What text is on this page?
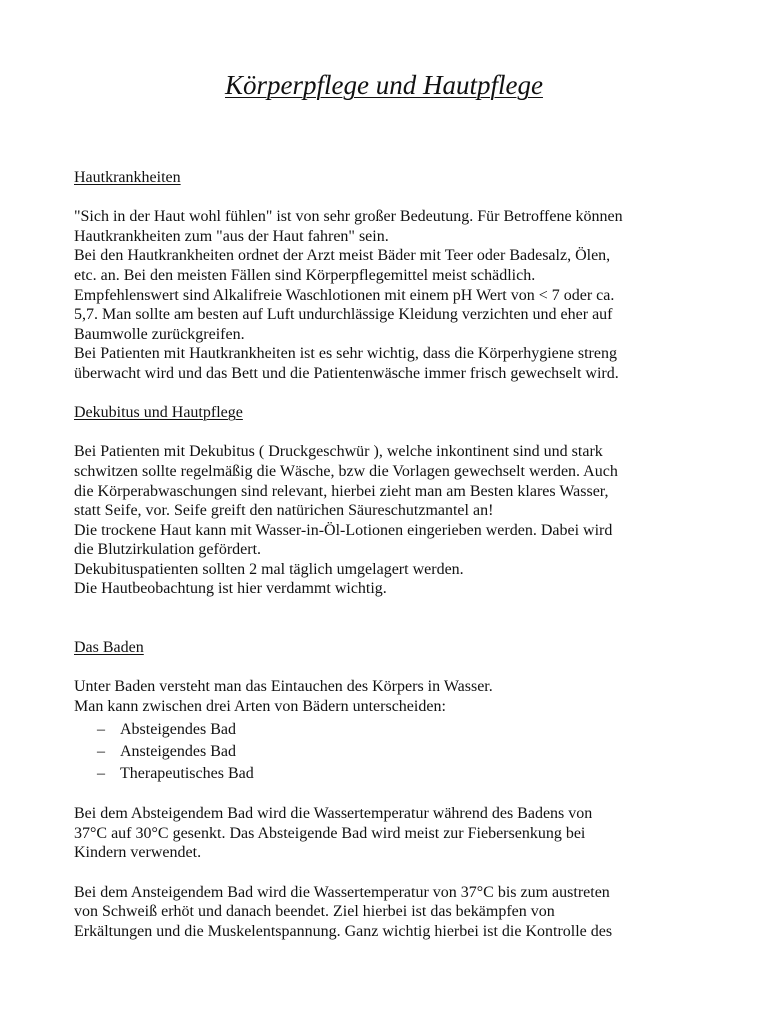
Körperpflege und Hautpflege
Hautkrankheiten
"Sich in der Haut wohl fühlen" ist von sehr großer Bedeutung. Für Betroffene können
Hautkrankheiten zum "aus der Haut fahren" sein.
Bei den Hautkrankheiten ordnet der Arzt meist Bäder mit Teer oder Badesalz, Ölen,
etc. an. Bei den meisten Fällen sind Körperpflegemittel meist schädlich.
Empfehlenswert sind Alkalifreie Waschlotionen mit einem pH Wert von < 7 oder ca.
5,7. Man sollte am besten auf Luft undurchlässige Kleidung verzichten und eher auf
Baumwolle zurückgreifen.
Bei Patienten mit Hautkrankheiten ist es sehr wichtig, dass die Körperhygiene streng
überwacht wird und das Bett und die Patientenwäsche immer frisch gewechselt wird.
Dekubitus und Hautpflege
Bei Patienten mit Dekubitus ( Druckgeschwür ), welche inkontinent sind und stark
schwitzen sollte regelmäßig die Wäsche, bzw die Vorlagen gewechselt werden. Auch
die Körperabwaschungen sind relevant, hierbei zieht man am Besten klares Wasser,
statt Seife, vor. Seife greift den natürichen Säureschutzmantel an!
Die trockene Haut kann mit Wasser-in-Öl-Lotionen eingerieben werden. Dabei wird
die Blutzirkulation gefördert.
Dekubituspatienten sollten 2 mal täglich umgelagert werden.
Die Hautbeobachtung ist hier verdammt wichtig.
Das Baden
Unter Baden versteht man das Eintauchen des Körpers in Wasser.
Man kann zwischen drei Arten von Bädern unterscheiden:
– Absteigendes Bad
– Ansteigendes Bad
– Therapeutisches Bad
Bei dem Absteigendem Bad wird die Wassertemperatur während des Badens von
37°C auf 30°C gesenkt. Das Absteigende Bad wird meist zur Fiebersenkung bei
Kindern verwendet.
Bei dem Ansteigendem Bad wird die Wassertemperatur von 37°C bis zum austreten
von Schweiß erhöt und danach beendet. Ziel hierbei ist das bekämpfen von
Erkältungen und die Muskelentspannung. Ganz wichtig hierbei ist die Kontrolle des
